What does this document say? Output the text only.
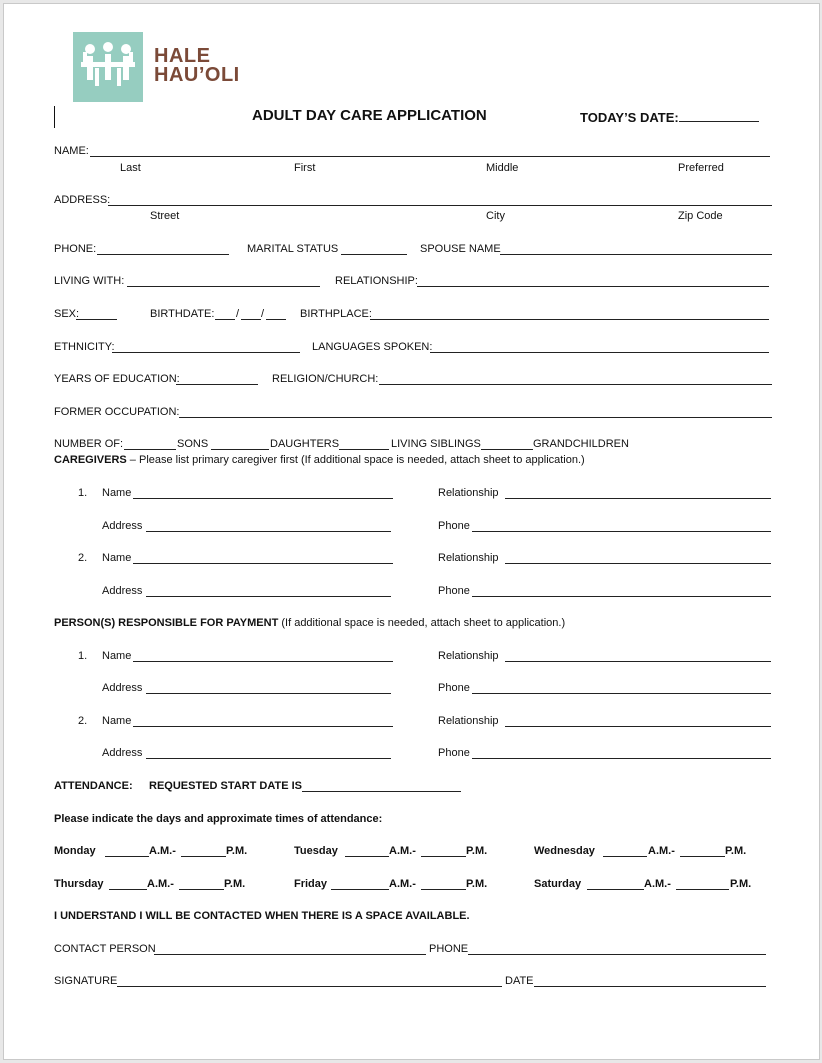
HALE
HAU’OLI
ADULT DAY CARE APPLICATION	TODAY’S DATE:
NAME:
Last	First	Middle	Preferred
ADDRESS:
Street	City	Zip Code
PHONE:	MARITAL STATUS	SPOUSE NAME
LIVING WITH:	RELATIONSHIP:
SEX:	BIRTHDATE: / /	BIRTHPLACE:
ETHNICITY:	LANGUAGES SPOKEN:
YEARS OF EDUCATION:	RELIGION/CHURCH:
FORMER OCCUPATION:
NUMBER OF:	SONS	DAUGHTERS	LIVING SIBLINGS	GRANDCHILDREN
CAREGIVERS – Please list primary caregiver first (If additional space is needed, attach sheet to application.)
1. Name	Relationship
Address	Phone
2. Name	Relationship
Address	Phone
PERSON(S) RESPONSIBLE FOR PAYMENT (If additional space is needed, attach sheet to application.)
1. Name	Relationship
Address	Phone
2. Name	Relationship
Address	Phone
ATTENDANCE: REQUESTED START DATE IS
Please indicate the days and approximate times of attendance:
Monday	A.M.-	P.M.	Tuesday	A.M.-	P.M.	Wednesday	A.M.-	P.M.
Thursday	A.M.-	P.M.	Friday	A.M.-	P.M.	Saturday	A.M.-	P.M.
I UNDERSTAND I WILL BE CONTACTED WHEN THERE IS A SPACE AVAILABLE.
CONTACT PERSON	PHONE
SIGNATURE	DATE
